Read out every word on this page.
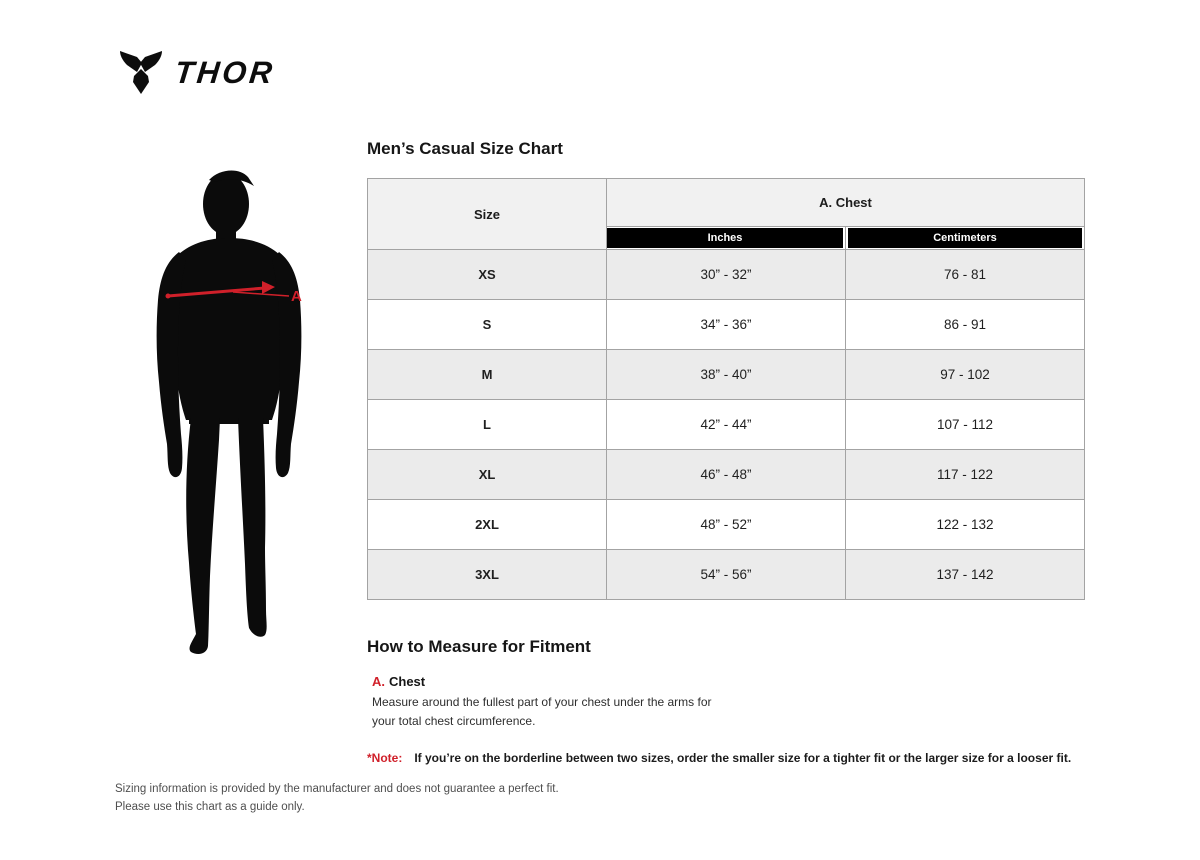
THOR
A
Men’s Casual Size Chart
Size	A. Chest	

	Inches	Centimeters

XS	30” - 32”	76 - 81
S	34” - 36”	86 - 91
M	38” - 40”	97 - 102
L	42” - 44”	107 - 112
XL	46” - 48”	117 - 122
2XL	48” - 52”	122 - 132
3XL	54” - 56”	137 - 142
How to Measure for Fitment
A. Chest
Measure around the fullest part of your chest under the arms for your total chest circumference.
*Note: If you’re on the borderline between two sizes, order the smaller size for a tighter fit or the larger size for a looser fit.
Sizing information is provided by the manufacturer and does not guarantee a perfect fit.
Please use this chart as a guide only.
